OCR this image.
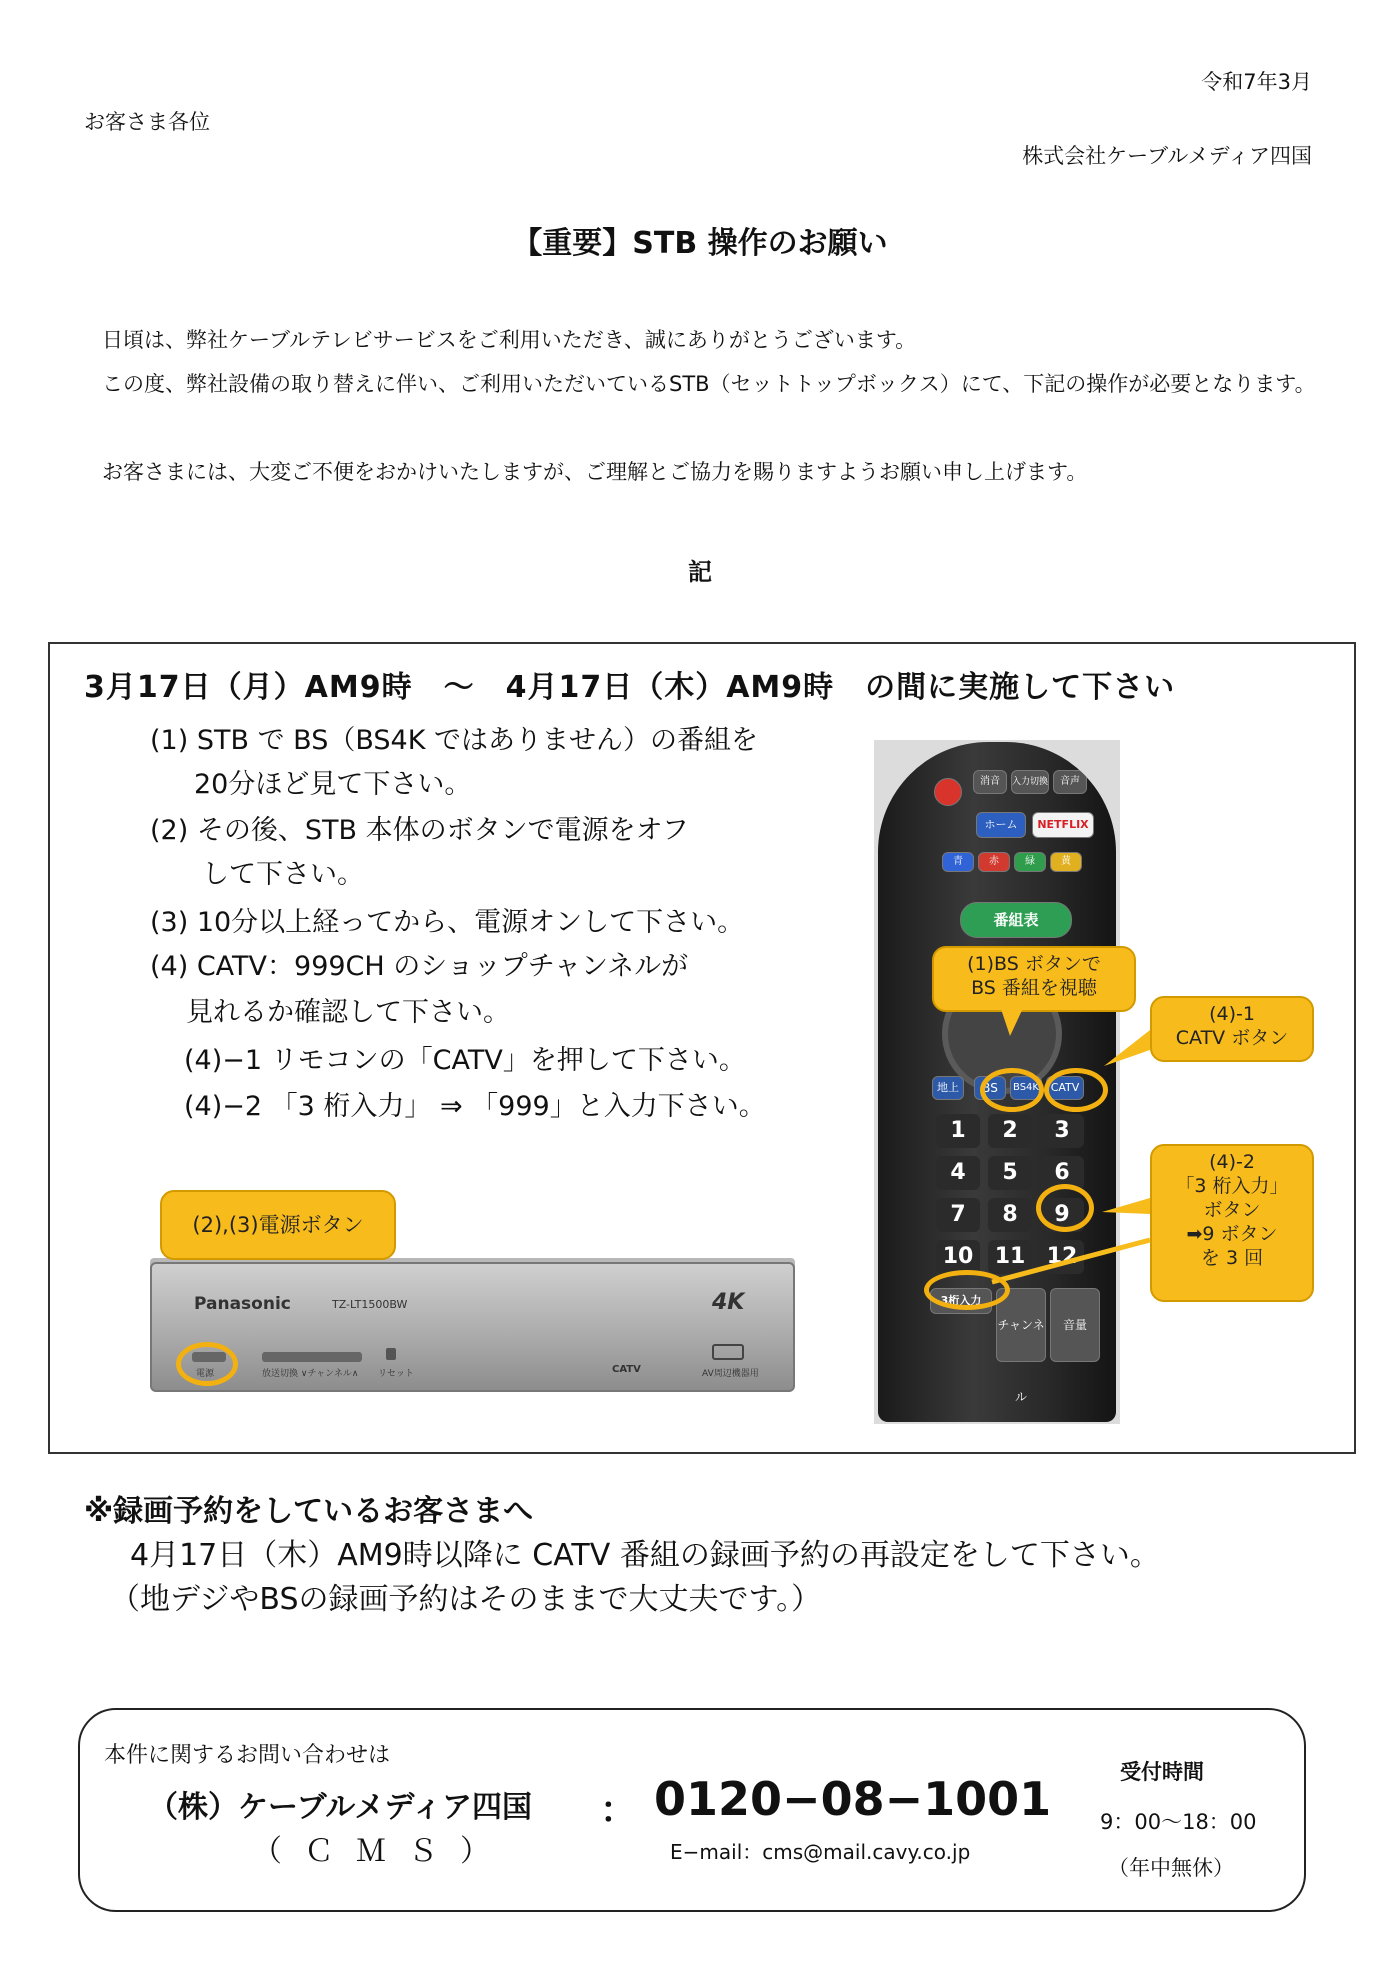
令和7年3月
お客さま各位
株式会社ケーブルメディア四国
【重要】STB 操作のお願い
日頃は、弊社ケーブルテレビサービスをご利用いただき、誠にありがとうございます。
この度、弊社設備の取り替えに伴い、ご利用いただいているSTB（セットトップボックス）にて、下記の操作が必要となります。
お客さまには、大変ご不便をおかけいたしますが、ご理解とご協力を賜りますようお願い申し上げます。
記
3月17日（月）AM9時　～　4月17日（木）AM9時　の間に実施して下さい
(1) STB で BS（BS4K ではありません）の番組を
20分ほど見て下さい。
(2) その後、STB 本体のボタンで電源をオフ
して下さい。
(3) 10分以上経ってから、電源オンして下さい。
(4) CATV：999CH のショップチャンネルが
見れるか確認して下さい。
(4)−1 リモコンの「CATV」を押して下さい。
(4)−2 「3 桁入力」 ⇒ 「999」と入力下さい。
消音	入力切換	音声
ホーム	NETFLIX
青	赤	緑	黄
番組表
地上	BS	BS4K	CATV
1	2	3
4	5	6
7	8	9
10 11 12
3桁入力
チャンネル
音量
(1)BS ボタンで
BS 番組を視聴
(4)-1
CATV ボタン
(4)-2
「3 桁入力」
ボタン
➡9 ボタン
を 3 回
Panasonic	TZ-LT1500BW	4K
電源	放送切換 ∨チャンネル∧ リセット	CATV	AV周辺機器用
(2),(3)電源ボタン
※録画予約をしているお客さまへ
4月17日（木）AM9時以降に CATV 番組の録画予約の再設定をして下さい。
（地デジやBSの録画予約はそのままで大丈夫です。）
本件に関するお問い合わせは
（株）ケーブルメディア四国
（ＣＭＳ）
： 0120−08−1001
E−mail：cms@mail.cavy.co.jp
受付時間
9：00〜18：00
（年中無休）
